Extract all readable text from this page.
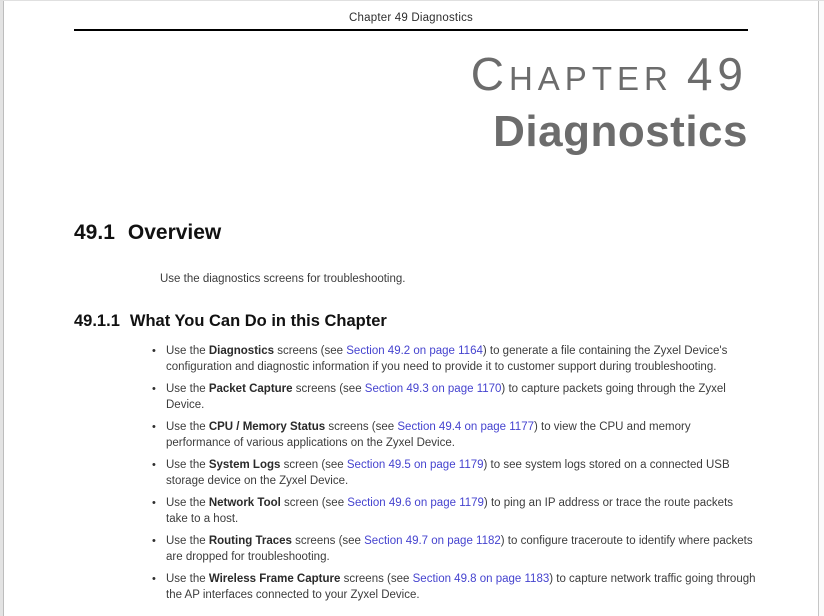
Chapter 49 Diagnostics
CHAPTER 49
Diagnostics
49.1 Overview
Use the diagnostics screens for troubleshooting.
49.1.1 What You Can Do in this Chapter
• Use the Diagnostics screens (see Section 49.2 on page 1164) to generate a file containing the Zyxel Device's configuration and diagnostic information if you need to provide it to customer support during troubleshooting.
• Use the Packet Capture screens (see Section 49.3 on page 1170) to capture packets going through the Zyxel Device.
• Use the CPU / Memory Status screens (see Section 49.4 on page 1177) to view the CPU and memory performance of various applications on the Zyxel Device.
• Use the System Logs screen (see Section 49.5 on page 1179) to see system logs stored on a connected USB storage device on the Zyxel Device.
• Use the Network Tool screen (see Section 49.6 on page 1179) to ping an IP address or trace the route packets take to a host.
• Use the Routing Traces screens (see Section 49.7 on page 1182) to configure traceroute to identify where packets are dropped for troubleshooting.
• Use the Wireless Frame Capture screens (see Section 49.8 on page 1183) to capture network traffic going through the AP interfaces connected to your Zyxel Device.
